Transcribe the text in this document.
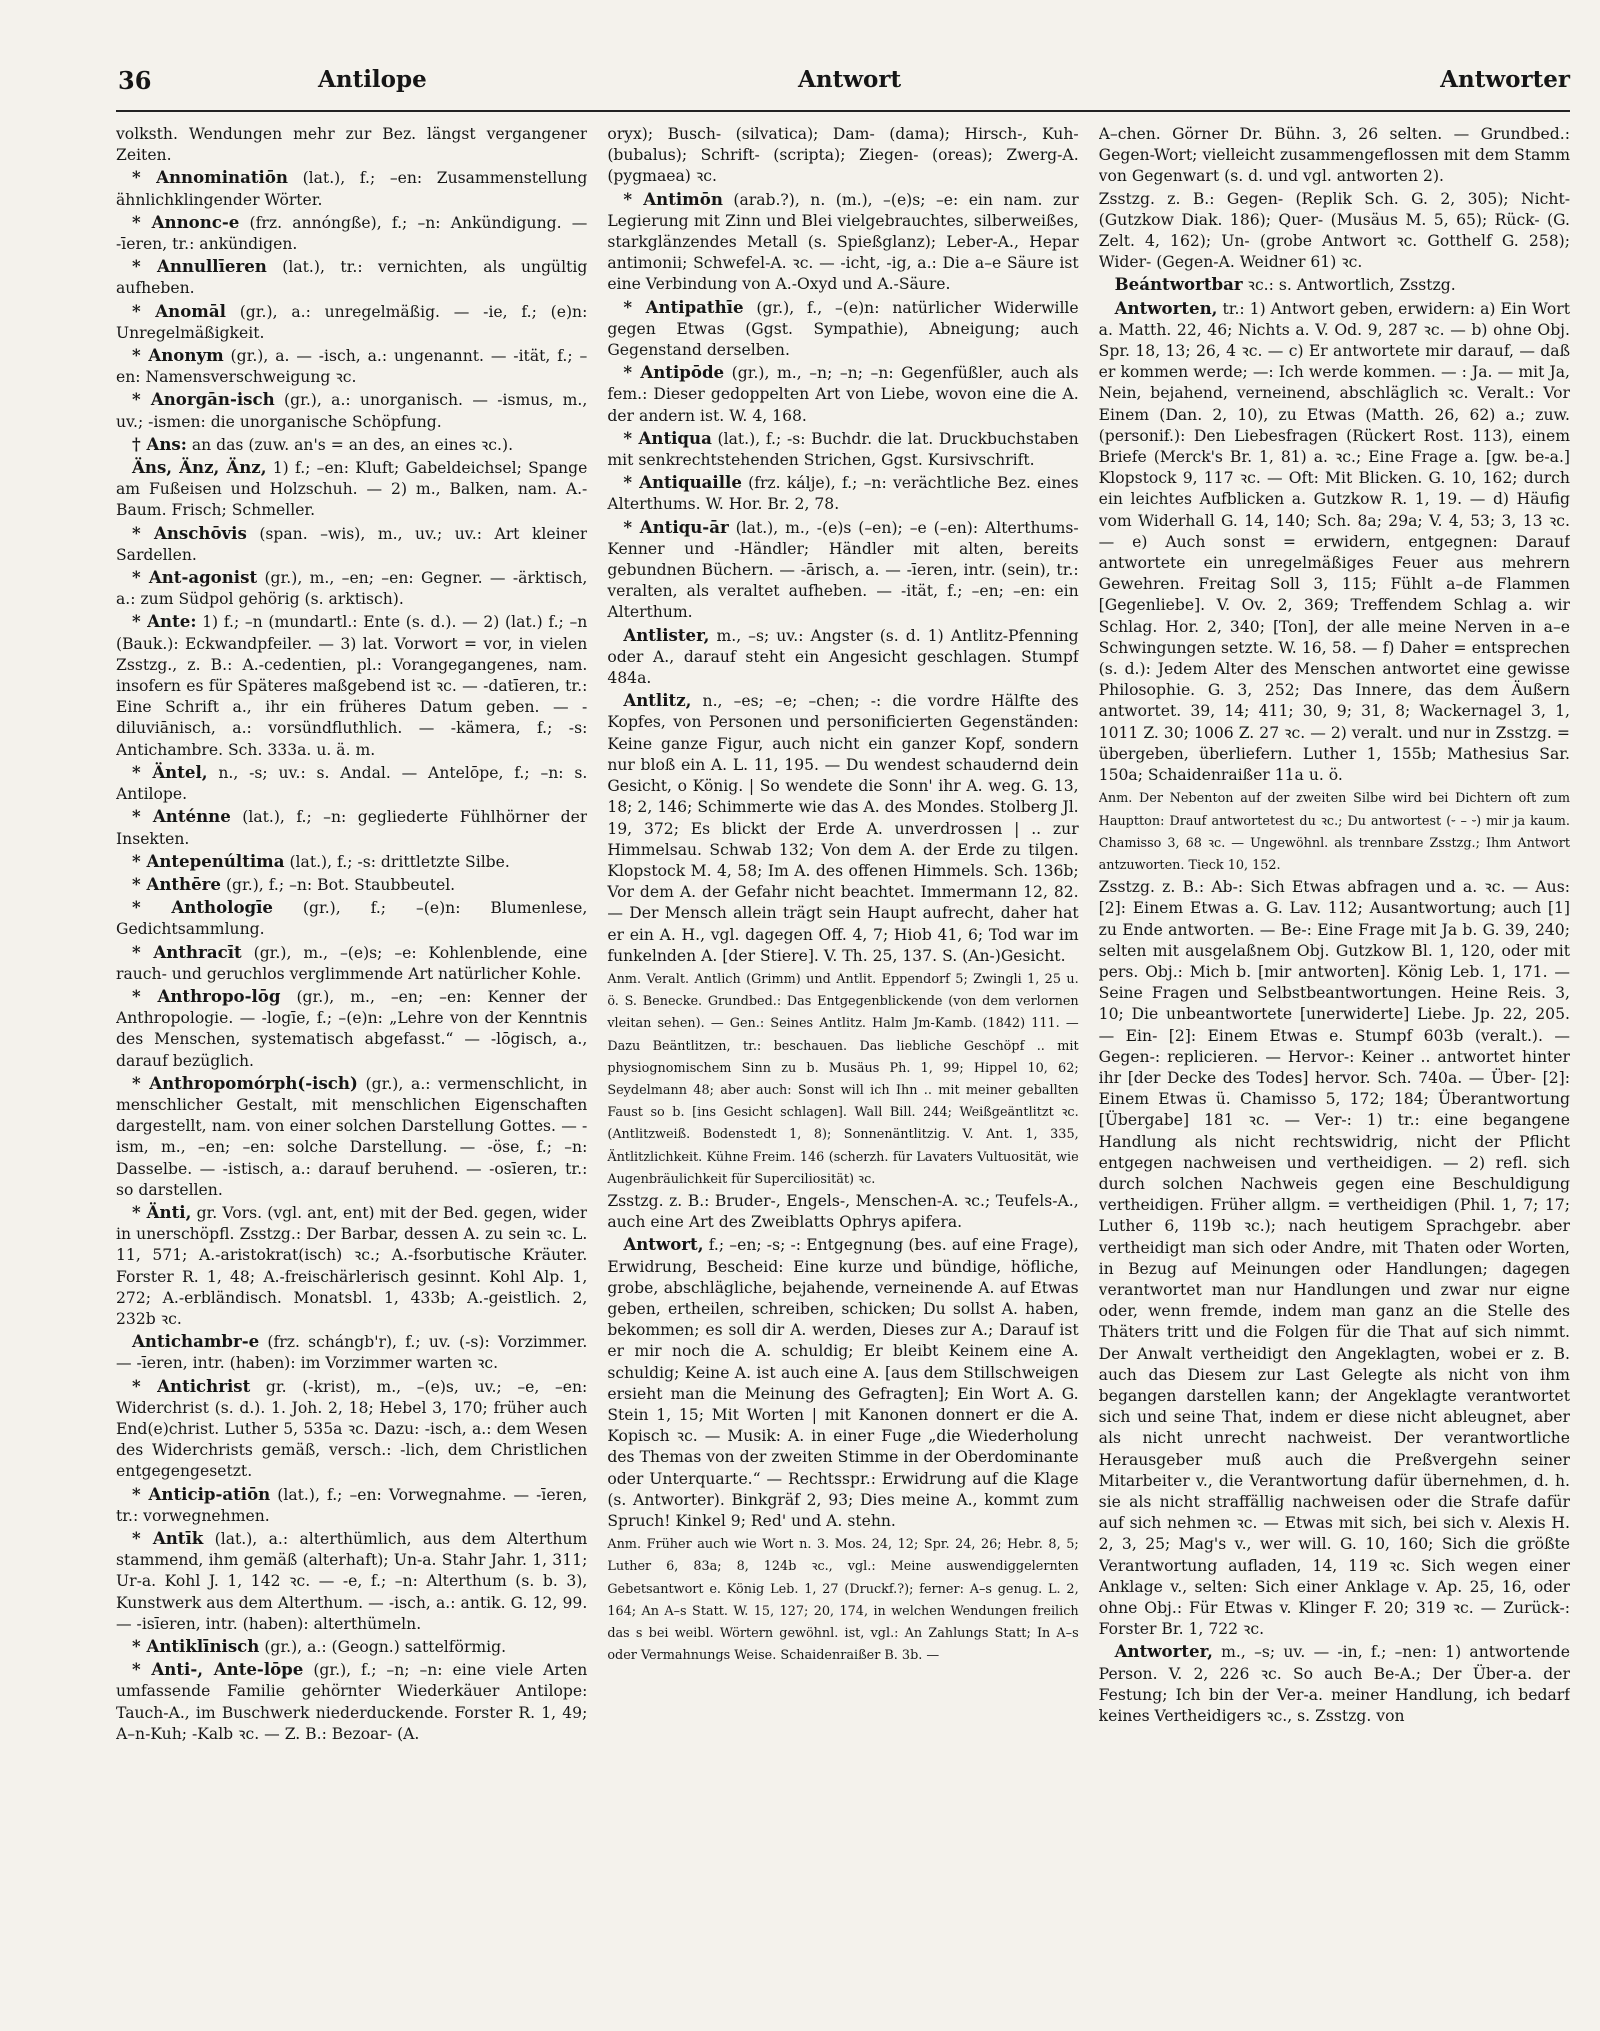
36	Antilope	Antwort	Antworter

volksth. Wendungen mehr zur Bez. längst vergangener Zeiten.

* Annominatiōn (lat.), f.; –en: Zusammenstellung ähnlichklingender Wörter.

* Annonc-e (frz. annóngße), f.; –n: Ankündigung. — -īeren, tr.: ankündigen.

* Annullīeren (lat.), tr.: vernichten, als ungültig aufheben.

* Anomāl (gr.), a.: unregelmäßig. — -ie, f.; (e)n: Unregelmäßigkeit.

* Anonym (gr.), a. — -isch, a.: ungenannt. — -ität, f.; –en: Namensverschweigung ꝛc.

* Anorgān-isch (gr.), a.: unorganisch. — -ismus, m., uv.; -ismen: die unorganische Schöpfung.

† Ans: an das (zuw. an's = an des, an eines ꝛc.).

Äns, Änz, Änz, 1) f.; –en: Kluft; Gabeldeichsel; Spange am Fußeisen und Holzschuh. — 2) m., Balken, nam. A.-Baum. Frisch; Schmeller.

* Anschōvis (span. –wis), m., uv.; uv.: Art kleiner Sardellen.

* Ant-agonist (gr.), m., –en; –en: Gegner. — -ärktisch, a.: zum Südpol gehörig (s. arktisch).

* Ante: 1) f.; –n (mundartl.: Ente (s. d.). — 2) (lat.) f.; –n (Bauk.): Eckwandpfeiler. — 3) lat. Vorwort = vor, in vielen Zsstzg., z. B.: A.-cedentien, pl.: Vorangegangenes, nam. insofern es für Späteres maßgebend ist ꝛc. — -datīeren, tr.: Eine Schrift a., ihr ein früheres Datum geben. — -diluviānisch, a.: vorsündfluthlich. — -kämera, f.; -s: Antichambre. Sch. 333a. u. ä. m.

* Äntel, n., -s; uv.: s. Andal. — Antelōpe, f.; –n: s. Antilope.

* Anténne (lat.), f.; –n: gegliederte Fühlhörner der Insekten.

* Antepenúltima (lat.), f.; -s: drittletzte Silbe.

* Anthēre (gr.), f.; –n: Bot. Staubbeutel.

* Anthologīe (gr.), f.; –(e)n: Blumenlese, Gedichtsammlung.

* Anthracīt (gr.), m., –(e)s; –e: Kohlenblende, eine rauch- und geruchlos verglimmende Art natürlicher Kohle.

* Anthropo-lōg (gr.), m., –en; –en: Kenner der Anthropologie. — -logīe, f.; –(e)n: „Lehre von der Kenntnis des Menschen, systematisch abgefasst.“ — -lōgisch, a., darauf bezüglich.

* Anthropomórph(-isch) (gr.), a.: vermenschlicht, in menschlicher Gestalt, mit menschlichen Eigenschaften dargestellt, nam. von einer solchen Darstellung Gottes. — -ism, m., –en; –en: solche Darstellung. — -öse, f.; –n: Dasselbe. — -istisch, a.: darauf beruhend. — -osīeren, tr.: so darstellen.

* Änti, gr. Vors. (vgl. ant, ent) mit der Bed. gegen, wider in unerschöpfl. Zsstzg.: Der Barbar, dessen A. zu sein ꝛc. L. 11, 571; A.-aristokrat(isch) ꝛc.; A.-fsorbutische Kräuter. Forster R. 1, 48; A.-freischärlerisch gesinnt. Kohl Alp. 1, 272; A.-erbländisch. Monatsbl. 1, 433b; A.-geistlich. 2, 232b ꝛc.

Antichambr-e (frz. schángb'r), f.; uv. (-s): Vorzimmer. — -īeren, intr. (haben): im Vorzimmer warten ꝛc.

* Antichrist gr. (-krist), m., –(e)s, uv.; –e, –en: Widerchrist (s. d.). 1. Joh. 2, 18; Hebel 3, 170; früher auch End(e)christ. Luther 5, 535a ꝛc. Dazu: -isch, a.: dem Wesen des Widerchrists gemäß, versch.: -lich, dem Christlichen entgegengesetzt.

* Anticip-atiōn (lat.), f.; –en: Vorwegnahme. — -īeren, tr.: vorwegnehmen.

* Antīk (lat.), a.: alterthümlich, aus dem Alterthum stammend, ihm gemäß (alterhaft); Un-a. Stahr Jahr. 1, 311; Ur-a. Kohl J. 1, 142 ꝛc. — -e, f.; –n: Alterthum (s. b. 3), Kunstwerk aus dem Alterthum. — -isch, a.: antik. G. 12, 99. — -isīeren, intr. (haben): alterthümeln.

* Antiklīnisch (gr.), a.: (Geogn.) sattelförmig.

* Anti-, Ante-lōpe (gr.), f.; –n; –n: eine viele Arten umfassende Familie gehörnter Wiederkäuer Antilope: Tauch-A., im Buschwerk niederduckende. Forster R. 1, 49; A–n-Kuh; -Kalb ꝛc. — Z. B.: Bezoar- (A.

oryx); Busch- (silvatica); Dam- (dama); Hirsch-, Kuh- (bubalus); Schrift- (scripta); Ziegen- (oreas); Zwerg-A. (pygmaea) ꝛc.

* Antimōn (arab.?), n. (m.), –(e)s; –e: ein nam. zur Legierung mit Zinn und Blei vielgebrauchtes, silberweißes, starkglänzendes Metall (s. Spießglanz); Leber-A., Hepar antimonii; Schwefel-A. ꝛc. — -icht, -ig, a.: Die a–e Säure ist eine Verbindung von A.-Oxyd und A.-Säure.

* Antipathīe (gr.), f., –(e)n: natürlicher Widerwille gegen Etwas (Ggst. Sympathie), Abneigung; auch Gegenstand derselben.

* Antipōde (gr.), m., –n; –n; –n: Gegenfüßler, auch als fem.: Dieser gedoppelten Art von Liebe, wovon eine die A. der andern ist. W. 4, 168.

* Antiqua (lat.), f.; -s: Buchdr. die lat. Druckbuchstaben mit senkrechtstehenden Strichen, Ggst. Kursivschrift.

* Antiquaille (frz. kálje), f.; –n: verächtliche Bez. eines Alterthums. W. Hor. Br. 2, 78.

* Antiqu-ār (lat.), m., -(e)s (–en); –e (–en): Alterthums-Kenner und -Händler; Händler mit alten, bereits gebundnen Büchern. — -ārisch, a. — -īeren, intr. (sein), tr.: veralten, als veraltet aufheben. — -ität, f.; –en; –en: ein Alterthum.

Antlister, m., –s; uv.: Angster (s. d. 1) Antlitz-Pfenning oder A., darauf steht ein Angesicht geschlagen. Stumpf 484a.

Antlitz, n., –es; –e; –chen; -: die vordre Hälfte des Kopfes, von Personen und personificierten Gegenständen: Keine ganze Figur, auch nicht ein ganzer Kopf, sondern nur bloß ein A. L. 11, 195. — Du wendest schaudernd dein Gesicht, o König. | So wendete die Sonn' ihr A. weg. G. 13, 18; 2, 146; Schimmerte wie das A. des Mondes. Stolberg Jl. 19, 372; Es blickt der Erde A. unverdrossen | .. zur Himmelsau. Schwab 132; Von dem A. der Erde zu tilgen. Klopstock M. 4, 58; Im A. des offenen Himmels. Sch. 136b; Vor dem A. der Gefahr nicht beachtet. Immermann 12, 82. — Der Mensch allein trägt sein Haupt aufrecht, daher hat er ein A. H., vgl. dagegen Off. 4, 7; Hiob 41, 6; Tod war im funkelnden A. [der Stiere]. V. Th. 25, 137. S. (An-)Gesicht.

Anm. Veralt. Antlich (Grimm) und Antlit. Eppendorf 5; Zwingli 1, 25 u. ö. S. Benecke. Grundbed.: Das Entgegenblickende (von dem verlornen vleitan sehen). — Gen.: Seines Antlitz. Halm Jm-Kamb. (1842) 111. — Dazu Beäntlitzen, tr.: beschauen. Das liebliche Geschöpf .. mit physiognomischem Sinn zu b. Musäus Ph. 1, 99; Hippel 10, 62; Seydelmann 48; aber auch: Sonst will ich Ihn .. mit meiner geballten Faust so b. [ins Gesicht schlagen]. Wall Bill. 244; Weißgeäntlitzt ꝛc. (Antlitzweiß. Bodenstedt 1, 8); Sonnenäntlitzig. V. Ant. 1, 335, Äntlitzlichkeit. Kühne Freim. 146 (scherzh. für Lavaters Vultuosität, wie Augenbräulichkeit für Superciliosität) ꝛc.

Zsstzg. z. B.: Bruder-, Engels-, Menschen-A. ꝛc.; Teufels-A., auch eine Art des Zweiblatts Ophrys apifera.

Antwort, f.; –en; -s; -: Entgegnung (bes. auf eine Frage), Erwidrung, Bescheid: Eine kurze und bündige, höfliche, grobe, abschlägliche, bejahende, verneinende A. auf Etwas geben, ertheilen, schreiben, schicken; Du sollst A. haben, bekommen; es soll dir A. werden, Dieses zur A.; Darauf ist er mir noch die A. schuldig; Er bleibt Keinem eine A. schuldig; Keine A. ist auch eine A. [aus dem Stillschweigen ersieht man die Meinung des Gefragten]; Ein Wort A. G. Stein 1, 15; Mit Worten | mit Kanonen donnert er die A. Kopisch ꝛc. — Musik: A. in einer Fuge „die Wiederholung des Themas von der zweiten Stimme in der Oberdominante oder Unterquarte.“ — Rechtsspr.: Erwidrung auf die Klage (s. Antworter). Binkgräf 2, 93; Dies meine A., kommt zum Spruch! Kinkel 9; Red' und A. stehn.

Anm. Früher auch wie Wort n. 3. Mos. 24, 12; Spr. 24, 26; Hebr. 8, 5; Luther 6, 83a; 8, 124b ꝛc., vgl.: Meine auswendiggelernten Gebetsantwort e. König Leb. 1, 27 (Druckf.?); ferner: A–s genug. L. 2, 164; An A–s Statt. W. 15, 127; 20, 174, in welchen Wendungen freilich das s bei weibl. Wörtern gewöhnl. ist, vgl.: An Zahlungs Statt; In A–s oder Vermahnungs Weise. Schaidenraißer B. 3b. —

A–chen. Görner Dr. Bühn. 3, 26 selten. — Grundbed.: Gegen-Wort; vielleicht zusammengeflossen mit dem Stamm von Gegenwart (s. d. und vgl. antworten 2).

Zsstzg. z. B.: Gegen- (Replik Sch. G. 2, 305); Nicht- (Gutzkow Diak. 186); Quer- (Musäus M. 5, 65); Rück- (G. Zelt. 4, 162); Un- (grobe Antwort ꝛc. Gotthelf G. 258); Wider- (Gegen-A. Weidner 61) ꝛc.

Beántwortbar ꝛc.: s. Antwortlich, Zsstzg.

Antworten, tr.: 1) Antwort geben, erwidern: a) Ein Wort a. Matth. 22, 46; Nichts a. V. Od. 9, 287 ꝛc. — b) ohne Obj. Spr. 18, 13; 26, 4 ꝛc. — c) Er antwortete mir darauf, — daß er kommen werde; —: Ich werde kommen. — : Ja. — mit Ja, Nein, bejahend, verneinend, abschläglich ꝛc. Veralt.: Vor Einem (Dan. 2, 10), zu Etwas (Matth. 26, 62) a.; zuw. (personif.): Den Liebesfragen (Rückert Rost. 113), einem Briefe (Merck's Br. 1, 81) a. ꝛc.; Eine Frage a. [gw. be-a.] Klopstock 9, 117 ꝛc. — Oft: Mit Blicken. G. 10, 162; durch ein leichtes Aufblicken a. Gutzkow R. 1, 19. — d) Häufig vom Widerhall G. 14, 140; Sch. 8a; 29a; V. 4, 53; 3, 13 ꝛc. — e) Auch sonst = erwidern, entgegnen: Darauf antwortete ein unregelmäßiges Feuer aus mehrern Gewehren. Freitag Soll 3, 115; Fühlt a–de Flammen [Gegenliebe]. V. Ov. 2, 369; Treffendem Schlag a. wir Schlag. Hor. 2, 340; [Ton], der alle meine Nerven in a–e Schwingungen setzte. W. 16, 58. — f) Daher = entsprechen (s. d.): Jedem Alter des Menschen antwortet eine gewisse Philosophie. G. 3, 252; Das Innere, das dem Äußern antwortet. 39, 14; 411; 30, 9; 31, 8; Wackernagel 3, 1, 1011 Z. 30; 1006 Z. 27 ꝛc. — 2) veralt. und nur in Zsstzg. = übergeben, überliefern. Luther 1, 155b; Mathesius Sar. 150a; Schaidenraißer 11a u. ö.

Anm. Der Nebenton auf der zweiten Silbe wird bei Dichtern oft zum Hauptton: Drauf antwortetest du ꝛc.; Du antwortest (⏑ – ⏑) mir ja kaum. Chamisso 3, 68 ꝛc. — Ungewöhnl. als trennbare Zsstzg.; Ihm Antwort antzuworten. Tieck 10, 152.

Zsstzg. z. B.: Ab-: Sich Etwas abfragen und a. ꝛc. — Aus: [2]: Einem Etwas a. G. Lav. 112; Ausantwortung; auch [1] zu Ende antworten. — Be-: Eine Frage mit Ja b. G. 39, 240; selten mit ausgelaßnem Obj. Gutzkow Bl. 1, 120, oder mit pers. Obj.: Mich b. [mir antworten]. König Leb. 1, 171. — Seine Fragen und Selbstbeantwortungen. Heine Reis. 3, 10; Die unbeantwortete [unerwiderte] Liebe. Jp. 22, 205. — Ein- [2]: Einem Etwas e. Stumpf 603b (veralt.). — Gegen-: replicieren. — Hervor-: Keiner .. antwortet hinter ihr [der Decke des Todes] hervor. Sch. 740a. — Über- [2]: Einem Etwas ü. Chamisso 5, 172; 184; Überantwortung [Übergabe] 181 ꝛc. — Ver-: 1) tr.: eine begangene Handlung als nicht rechtswidrig, nicht der Pflicht entgegen nachweisen und vertheidigen. — 2) refl. sich durch solchen Nachweis gegen eine Beschuldigung vertheidigen. Früher allgm. = vertheidigen (Phil. 1, 7; 17; Luther 6, 119b ꝛc.); nach heutigem Sprachgebr. aber vertheidigt man sich oder Andre, mit Thaten oder Worten, in Bezug auf Meinungen oder Handlungen; dagegen verantwortet man nur Handlungen und zwar nur eigne oder, wenn fremde, indem man ganz an die Stelle des Thäters tritt und die Folgen für die That auf sich nimmt. Der Anwalt vertheidigt den Angeklagten, wobei er z. B. auch das Diesem zur Last Gelegte als nicht von ihm begangen darstellen kann; der Angeklagte verantwortet sich und seine That, indem er diese nicht ableugnet, aber als nicht unrecht nachweist. Der verantwortliche Herausgeber muß auch die Preßvergehn seiner Mitarbeiter v., die Verantwortung dafür übernehmen, d. h. sie als nicht straffällig nachweisen oder die Strafe dafür auf sich nehmen ꝛc. — Etwas mit sich, bei sich v. Alexis H. 2, 3, 25; Mag's v., wer will. G. 10, 160; Sich die größte Verantwortung aufladen, 14, 119 ꝛc. Sich wegen einer Anklage v., selten: Sich einer Anklage v. Ap. 25, 16, oder ohne Obj.: Für Etwas v. Klinger F. 20; 319 ꝛc. — Zurück-: Forster Br. 1, 722 ꝛc.

Antworter, m., –s; uv. — -in, f.; –nen: 1) antwortende Person. V. 2, 226 ꝛc. So auch Be-A.; Der Über-a. der Festung; Ich bin der Ver-a. meiner Handlung, ich bedarf keines Vertheidigers ꝛc., s. Zsstzg. von
